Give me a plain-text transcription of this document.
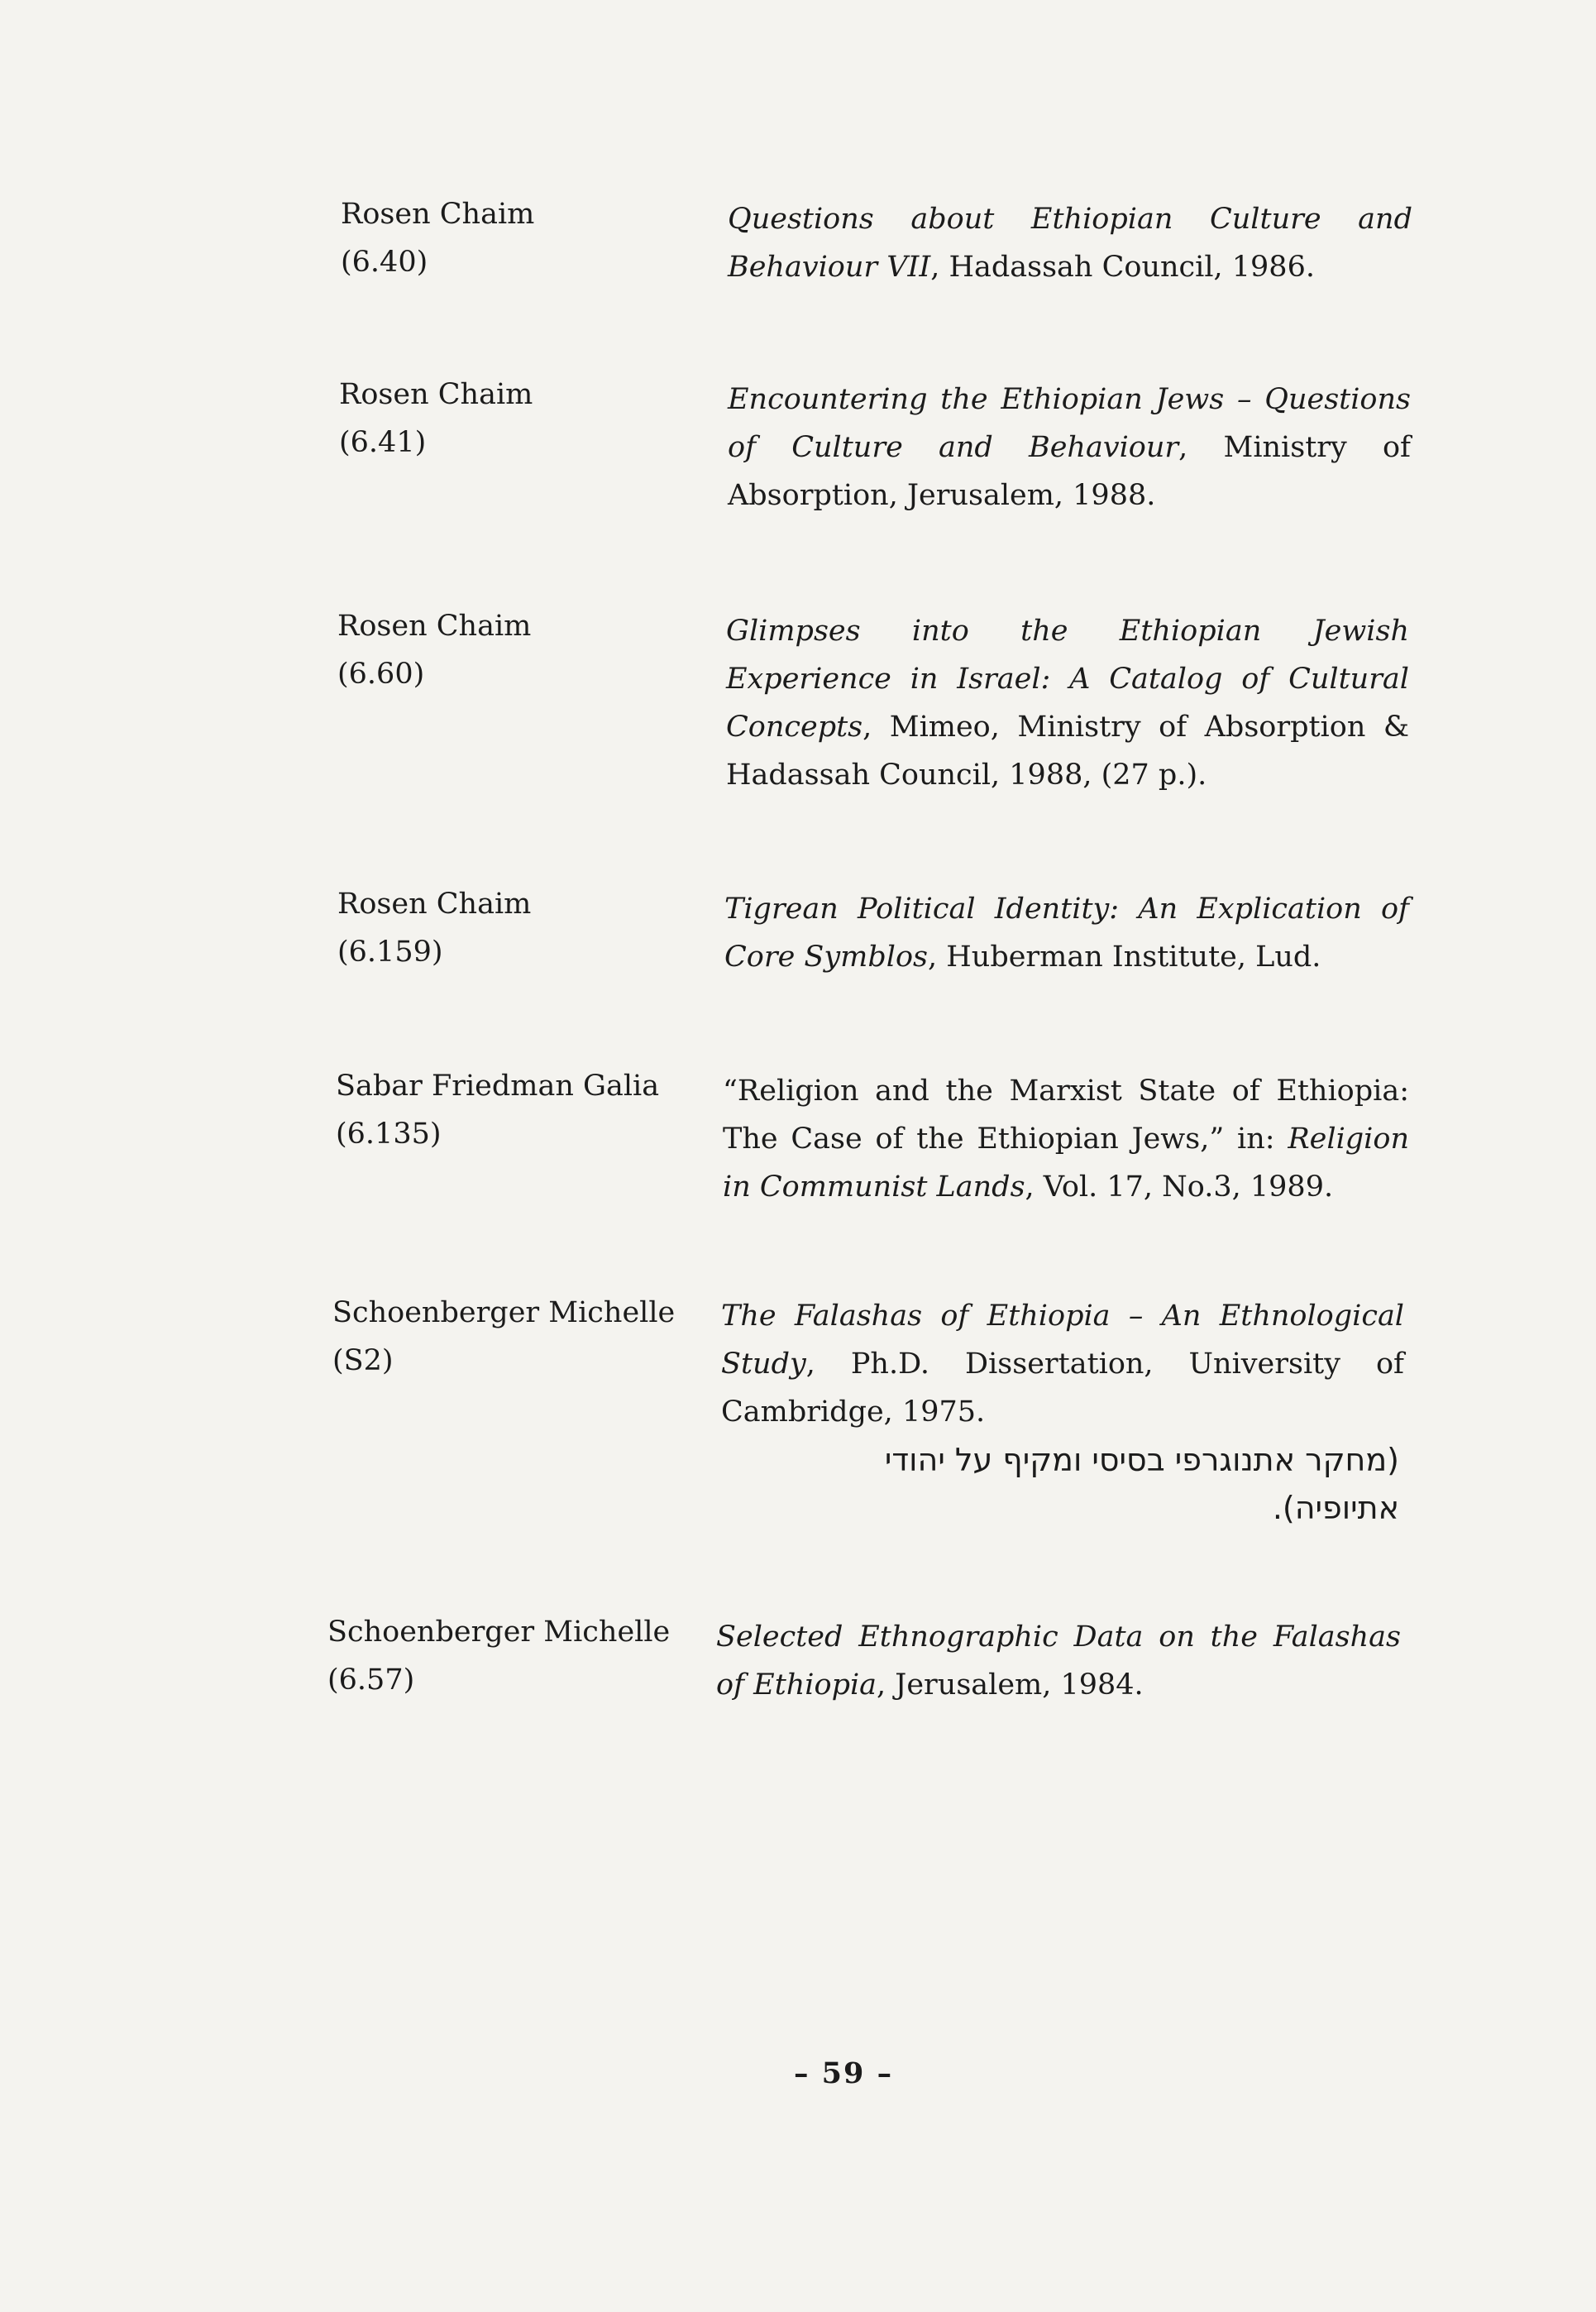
Rosen Chaim
(6.40)
Questions about Ethiopian Culture and Behaviour VII, Hadassah Council, 1986.
Rosen Chaim
(6.41)
Encountering the Ethiopian Jews – Questions of Culture and Behaviour, Ministry of Absorption, Jerusalem, 1988.
Rosen Chaim
(6.60)
Glimpses into the Ethiopian Jewish Experience in Israel: A Catalog of Cultural Concepts, Mimeo, Ministry of Absorption & Hadassah Council, 1988, (27 p.).
Rosen Chaim
(6.159)
Tigrean Political Identity: An Explication of Core Symblos, Huberman Institute, Lud.
Sabar Friedman Galia
(6.135)
“Religion and the Marxist State of Ethiopia: The Case of the Ethiopian Jews,” in: Religion in Communist Lands, Vol. 17, No.3, 1989.
Schoenberger Michelle
(S2)
The Falashas of Ethiopia – An Ethnological Study, Ph.D. Dissertation, University of Cambridge, 1975.
(מחקר אתנוגרפי בסיסי ומקיף על יהודי
אתיופיה).
Schoenberger Michelle
(6.57)
Selected Ethnographic Data on the Falashas of Ethiopia, Jerusalem, 1984.
– 59 –
